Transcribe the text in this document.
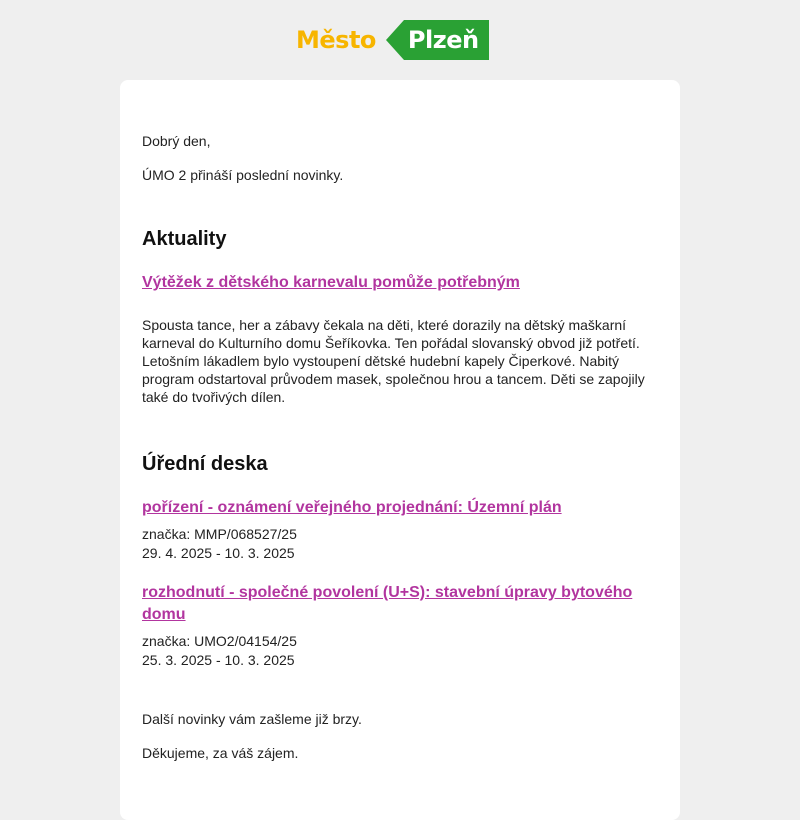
Město Plzeň

Dobrý den,

ÚMO 2 přináší poslední novinky.

Aktuality
Výtěžek z dětského karnevalu pomůže potřebným

Spousta tance, her a zábavy čekala na děti, které dorazily na dětský maškarní karneval do Kulturního domu Šeříkovka. Ten pořádal slovanský obvod již potřetí. Letošním lákadlem bylo vystoupení dětské hudební kapely Čiperkové. Nabitý program odstartoval průvodem masek, společnou hrou a tancem. Děti se zapojily také do tvořivých dílen.

Úřední deska
pořízení - oznámení veřejného projednání: Územní plán
značka: MMP/068527/25
29. 4. 2025 - 10. 3. 2025
rozhodnutí - společné povolení (U+S): stavební úpravy bytového domu
značka: UMO2/04154/25
25. 3. 2025 - 10. 3. 2025

Další novinky vám zašleme již brzy.

Děkujeme, za váš zájem.
